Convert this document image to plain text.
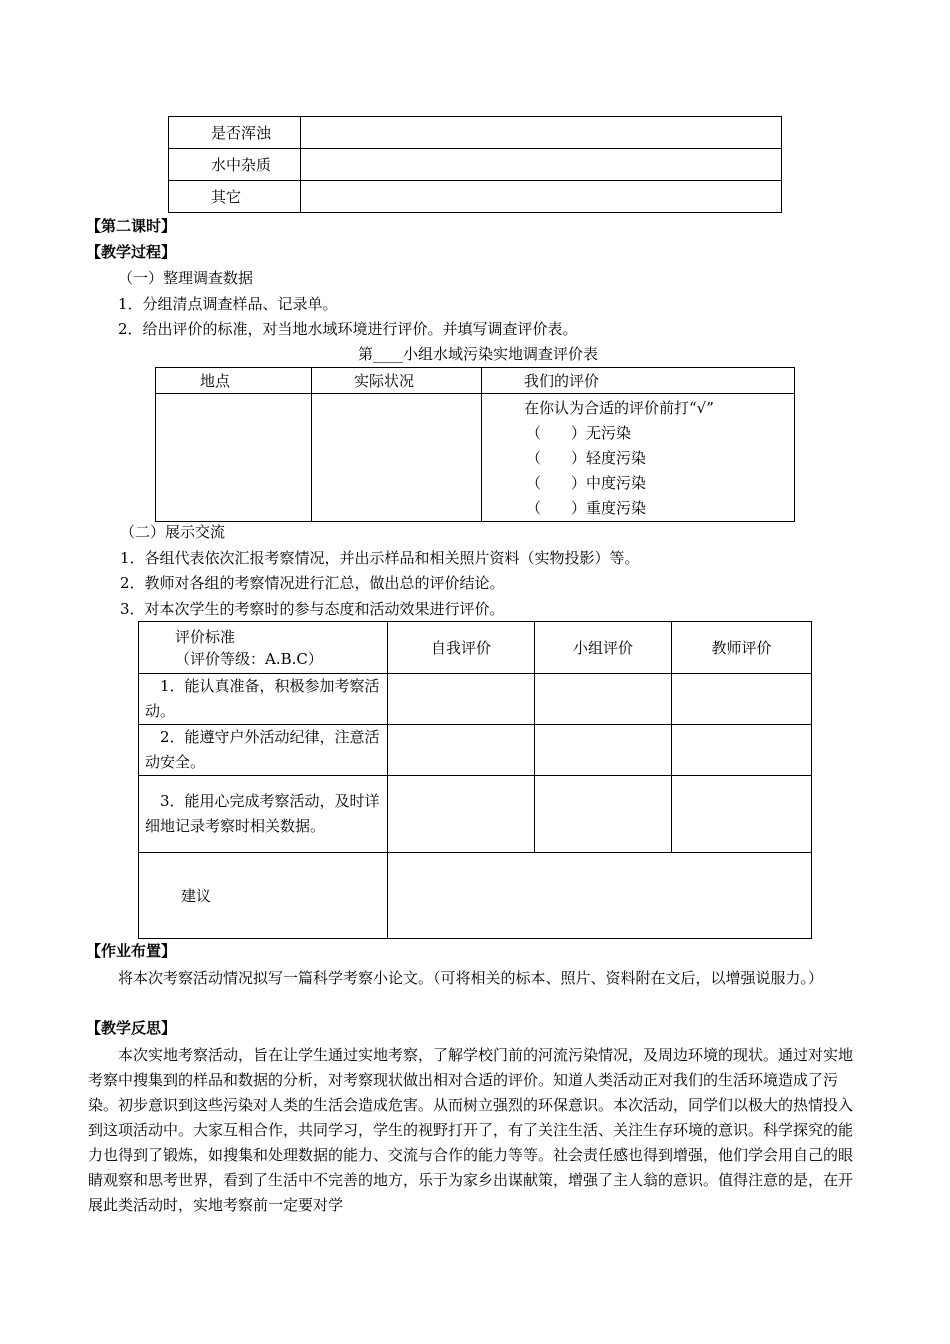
是否浑浊	
水中杂质	
其它	
【第二课时】
【教学过程】
（一）整理调查数据
1．分组清点调查样品、记录单。
2．给出评价的标准，对当地水域环境进行评价。并填写调查评价表。
第____小组水域污染实地调查评价表
地点	实际状况	我们的评价

		在你认为合适的评价前打“√”
（　　）无污染
（　　）轻度污染
（　　）中度污染
（　　）重度污染
（二）展示交流
1．各组代表依次汇报考察情况，并出示样品和相关照片资料（实物投影）等。
2．教师对各组的考察情况进行汇总，做出总的评价结论。
3．对本次学生的考察时的参与态度和活动效果进行评价。
评价标准
（评价等级：A.B.C）	自我评价	小组评价	教师评价
　1．能认真准备，积极参加考察活动。			
　2．能遵守户外活动纪律，注意活动安全。			
　3．能用心完成考察活动，及时详细地记录考察时相关数据。			
建议			
【作业布置】
将本次考察活动情况拟写一篇科学考察小论文。（可将相关的标本、照片、资料附在文后，以增强说服力。）
【教学反思】
本次实地考察活动，旨在让学生通过实地考察，了解学校门前的河流污染情况，及周边环境的现状。通过对实地考察中搜集到的样品和数据的分析，对考察现状做出相对合适的评价。知道人类活动正对我们的生活环境造成了污染。初步意识到这些污染对人类的生活会造成危害。从而树立强烈的环保意识。本次活动，同学们以极大的热情投入到这项活动中。大家互相合作，共同学习，学生的视野打开了，有了关注生活、关注生存环境的意识。科学探究的能力也得到了锻炼，如搜集和处理数据的能力、交流与合作的能力等等。社会责任感也得到增强，他们学会用自己的眼睛观察和思考世界，看到了生活中不完善的地方，乐于为家乡出谋献策，增强了主人翁的意识。值得注意的是，在开展此类活动时，实地考察前一定要对学
